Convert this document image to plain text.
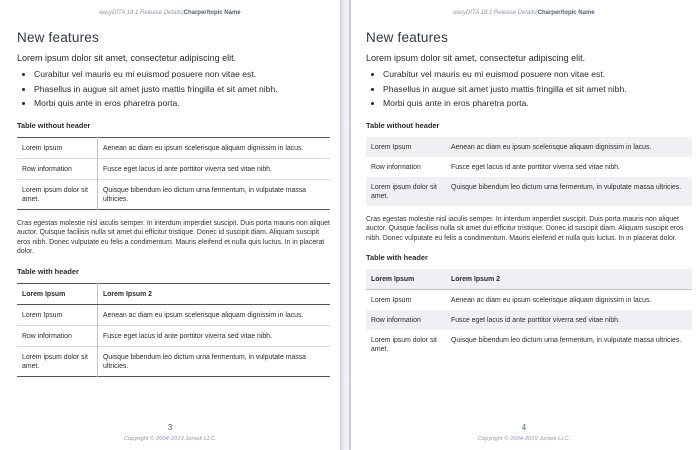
easyDITA 18.1 Release Details|Charper/topic Name
New features

Lorem ipsum dolor sit amet, consectetur adipiscing elit.

• Curabitur vel mauris eu mi euismod posuere non vitae est.
• Phasellus in augue sit amet justo mattis fringilla et sit amet nibh.
• Morbi quis ante in eros pharetra porta.
Table without header
Lorem Ipsum	Aenean ac diam eu ipsum scelerisque aliquam dignissim in lacus.
Row information	Fusce eget lacus id ante porttitor viverra sed vitae nibh.
Lorem ipsum dolor sit amet.	Quisque bibendum leo dictum urna fermentum, in vulputate massa ultricies.

Cras egestas molestie nisl iaculis semper. In interdum imperdiet suscipit. Duis porta mauris non aliquet auctor. Quisque facilisis nulla sit amet dui efficitur tristique. Donec id suscipit diam. Aliquam suscipit eros nibh. Donec vulputate eu felis a condimentum. Mauris eleifend et nulla quis luctus. In in placerat dolor.

Table with header
Lorem Ipsum	Lorem Ipsum 2
Lorem Ipsum	Aenean ac diam eu ipsum scelerisque aliquam dignissim in lacus.
Row information	Fusce eget lacus id ante porttitor viverra sed vitae nibh.
Lorem ipsum dolor sit amet.	Quisque bibendum leo dictum urna fermentum, in vulputate massa ultricies.
3
Copyright © 2004-2019 Jorsek LLC.
easyDITA 18.1 Release Details|Charper/topic Name
New features

Lorem ipsum dolor sit amet, consectetur adipiscing elit.

• Curabitur vel mauris eu mi euismod posuere non vitae est.
• Phasellus in augue sit amet justo mattis fringilla et sit amet nibh.
• Morbi quis ante in eros pharetra porta.
Table without header
Lorem Ipsum	Aenean ac diam eu ipsum scelerisque aliquam dignissim in lacus.
Row information	Fusce eget lacus id ante porttitor viverra sed vitae nibh.
Lorem ipsum dolor sit amet.	Quisque bibendum leo dictum urna fermentum, in vulputate massa ultricies.

Cras egestas molestie nisl iaculis semper. In interdum imperdiet suscipit. Duis porta mauris non aliquet auctor. Quisque facilisis nulla sit amet dui efficitur tristique. Donec id suscipit diam. Aliquam suscipit eros nibh. Donec vulputate eu felis a condimentum. Mauris eleifend et nulla quis luctus. In in placerat dolor.

Table with header
Lorem Ipsum	Lorem Ipsum 2
Lorem Ipsum	Aenean ac diam eu ipsum scelerisque aliquam dignissim in lacus.
Row information	Fusce eget lacus id ante porttitor viverra sed vitae nibh.
Lorem ipsum dolor sit amet.	Quisque bibendum leo dictum urna fermentum, in vulputate massa ultricies.
4
Copyright © 2004-2019 Jorsek LLC.
